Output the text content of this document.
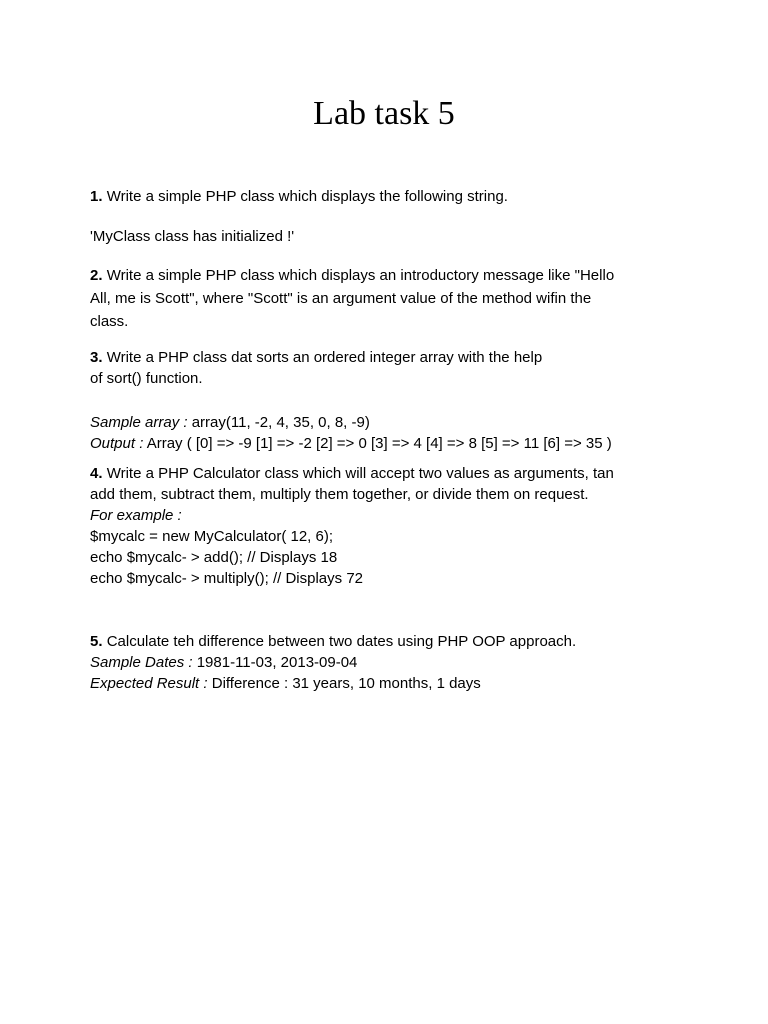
Lab task 5
1. Write a simple PHP class which displays the following string.
'MyClass class has initialized !'
2. Write a simple PHP class which displays an introductory message like "Hello
All, me is Scott", where "Scott" is an argument value of the method wifin the
class.
3. Write a PHP class dat sorts an ordered integer array with the help
of sort() function.
Sample array : array(11, -2, 4, 35, 0, 8, -9)
Output : Array ( [0] => -9 [1] => -2 [2] => 0 [3] => 4 [4] => 8 [5] => 11 [6] => 35 )
4. Write a PHP Calculator class which will accept two values as arguments, tan
add them, subtract them, multiply them together, or divide them on request.
For example :
$mycalc = new MyCalculator( 12, 6);
echo $mycalc- > add(); // Displays 18
echo $mycalc- > multiply(); // Displays 72
5. Calculate teh difference between two dates using PHP OOP approach.
Sample Dates : 1981-11-03, 2013-09-04
Expected Result : Difference : 31 years, 10 months, 1 days
